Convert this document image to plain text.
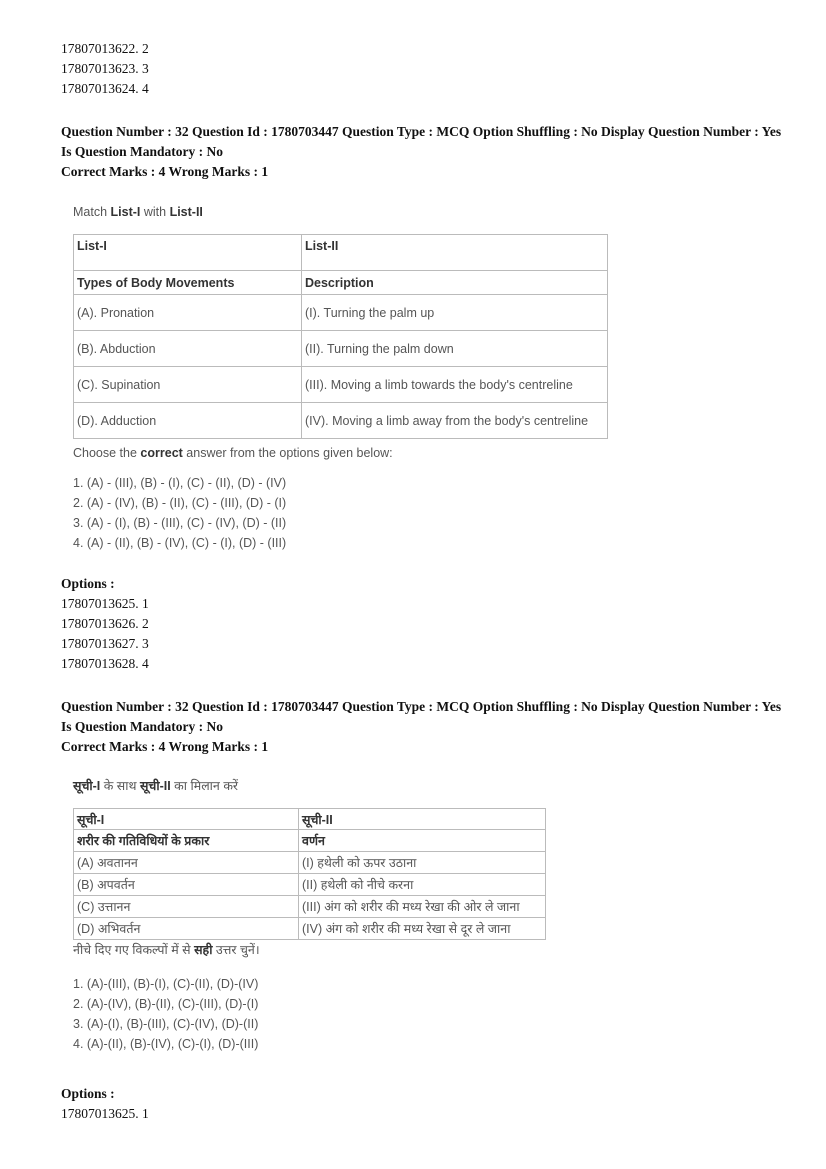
17807013622. 2
17807013623. 3
17807013624. 4
Question Number : 32 Question Id : 1780703447 Question Type : MCQ Option Shuffling : No Display Question Number : Yes
Is Question Mandatory : No
Correct Marks : 4 Wrong Marks : 1
Match List-I with List-II
List-I	List-II
Types of Body Movements	Description
(A). Pronation	(I). Turning the palm up
(B). Abduction	(II). Turning the palm down
(C). Supination	(III). Moving a limb towards the body's centreline
(D). Adduction	(IV). Moving a limb away from the body's centreline
Choose the correct answer from the options given below:
1. (A) - (III), (B) - (I), (C) - (II), (D) - (IV)
2. (A) - (IV), (B) - (II), (C) - (III), (D) - (I)
3. (A) - (I), (B) - (III), (C) - (IV), (D) - (II)
4. (A) - (II), (B) - (IV), (C) - (I), (D) - (III)
Options :
17807013625. 1
17807013626. 2
17807013627. 3
17807013628. 4
Question Number : 32 Question Id : 1780703447 Question Type : MCQ Option Shuffling : No Display Question Number : Yes
Is Question Mandatory : No
Correct Marks : 4 Wrong Marks : 1
सूची-I के साथ सूची-II का मिलान करें
सूची-I	सूची-II
शरीर की गतिविधियों के प्रकार	वर्णन
(A) अवतानन	(I) हथेली को ऊपर उठाना
(B) अपवर्तन	(II) हथेली को नीचे करना
(C) उत्तानन	(III) अंग को शरीर की मध्य रेखा की ओर ले जाना
(D) अभिवर्तन	(IV) अंग को शरीर की मध्य रेखा से दूर ले जाना
नीचे दिए गए विकल्पों में से सही उत्तर चुनें।
1. (A)-(III), (B)-(I), (C)-(II), (D)-(IV)
2. (A)-(IV), (B)-(II), (C)-(III), (D)-(I)
3. (A)-(I), (B)-(III), (C)-(IV), (D)-(II)
4. (A)-(II), (B)-(IV), (C)-(I), (D)-(III)
Options :
17807013625. 1
